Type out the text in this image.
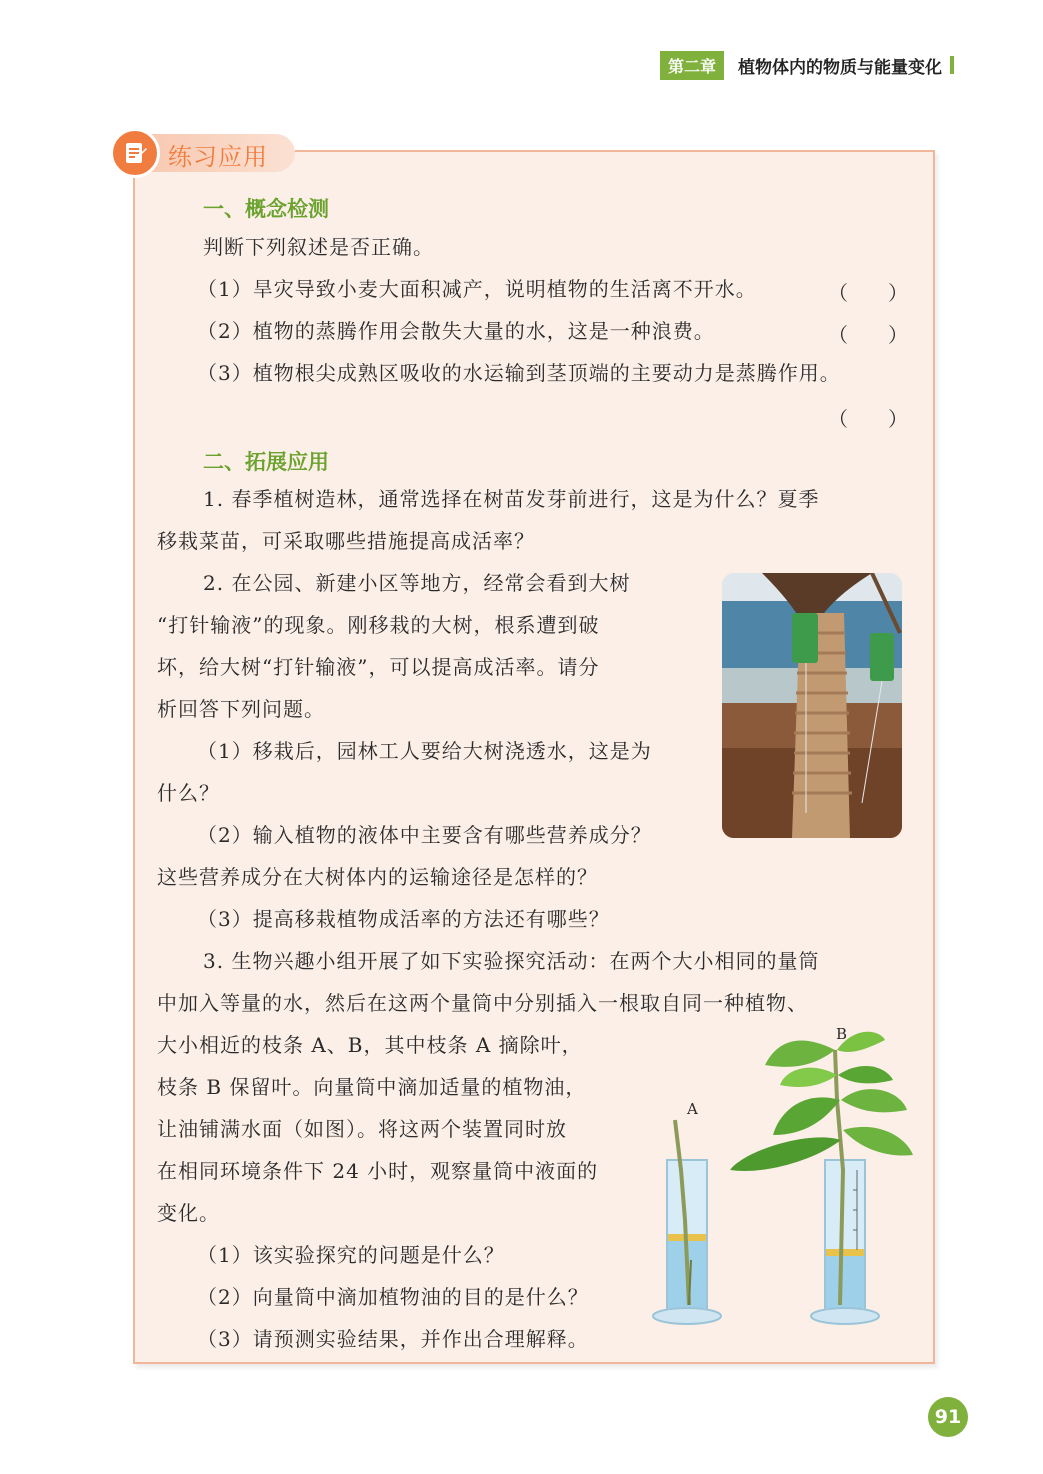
第二章	植物体内的物质与能量变化
练习应用
一、概念检测
判断下列叙述是否正确。
（1）旱灾导致小麦大面积减产，说明植物的生活离不开水。	（　　）
（2）植物的蒸腾作用会散失大量的水，这是一种浪费。	（　　）
（3）植物根尖成熟区吸收的水运输到茎顶端的主要动力是蒸腾作用。
（　　）
二、拓展应用
1. 春季植树造林，通常选择在树苗发芽前进行，这是为什么？夏季
移栽菜苗，可采取哪些措施提高成活率？
2. 在公园、新建小区等地方，经常会看到大树
“打针输液”的现象。刚移栽的大树，根系遭到破
坏，给大树“打针输液”，可以提高成活率。请分
析回答下列问题。
（1）移栽后，园林工人要给大树浇透水，这是为
什么？
（2）输入植物的液体中主要含有哪些营养成分？
这些营养成分在大树体内的运输途径是怎样的？
（3）提高移栽植物成活率的方法还有哪些？
3. 生物兴趣小组开展了如下实验探究活动：在两个大小相同的量筒
中加入等量的水，然后在这两个量筒中分别插入一根取自同一种植物、
大小相近的枝条 A、B，其中枝条 A 摘除叶，
枝条 B 保留叶。向量筒中滴加适量的植物油，
让油铺满水面（如图）。将这两个装置同时放
在相同环境条件下 24 小时，观察量筒中液面的
变化。
（1）该实验探究的问题是什么？
（2）向量筒中滴加植物油的目的是什么？
（3）请预测实验结果，并作出合理解释。
A
B
91
